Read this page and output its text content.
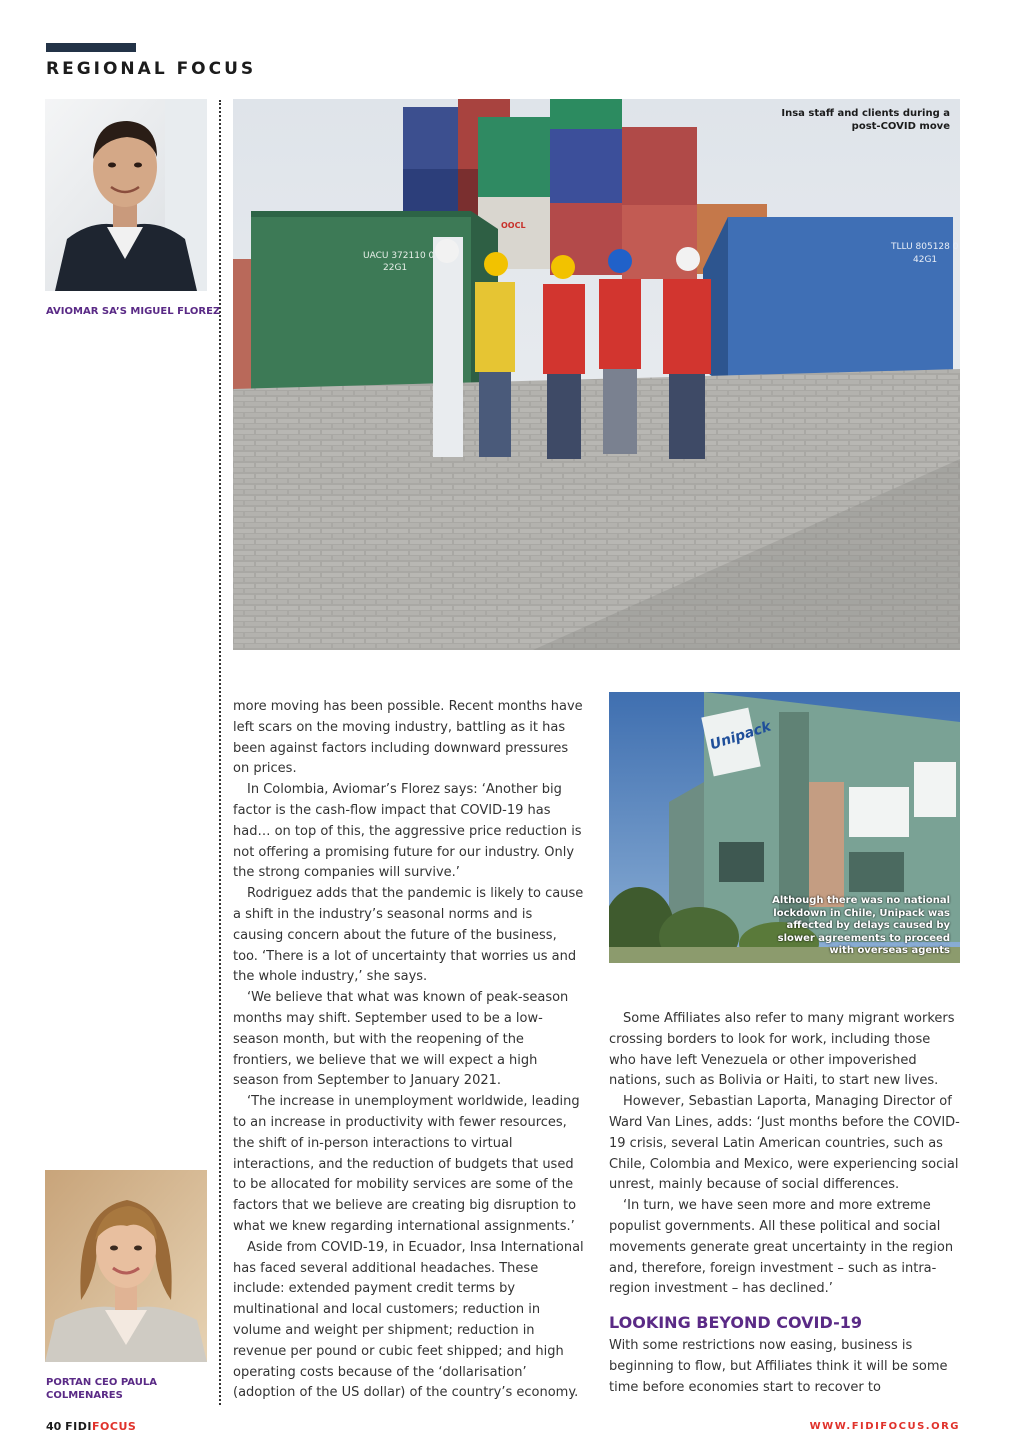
REGIONAL FOCUS
AVIOMAR SA’S MIGUEL FLOREZ
PORTAN CEO PAULA
COLMENARES
UACU 372110 0
22G1
TLLU 805128 0
42G1
OOCL
Insa staff and clients during a
post-COVID move
Unipack
Although there was no national
lockdown in Chile, Unipack was
affected by delays caused by
slower agreements to proceed
with overseas agents

more moving has been possible. Recent months have left scars on the moving industry, battling as it has been against factors including downward pressures on prices.

In Colombia, Aviomar’s Florez says: ‘Another big factor is the cash-flow impact that COVID-19 has had… on top of this, the aggressive price reduction is not offering a promising future for our industry. Only the strong companies will survive.’

Rodriguez adds that the pandemic is likely to cause a shift in the industry’s seasonal norms and is causing concern about the future of the business, too. ‘There is a lot of uncertainty that worries us and the whole industry,’ she says.

‘We believe that what was known of peak-season months may shift. September used to be a low-season month, but with the reopening of the frontiers, we believe that we will expect a high season from September to January 2021.

‘The increase in unemployment worldwide, leading to an increase in productivity with fewer resources, the shift of in-person interactions to virtual interactions, and the reduction of budgets that used to be allocated for mobility services are some of the factors that we believe are creating big disruption to what we knew regarding international assignments.’

Aside from COVID-19, in Ecuador, Insa International has faced several additional headaches. These include: extended payment credit terms by multinational and local customers; reduction in volume and weight per shipment; reduction in revenue per pound or cubic feet shipped; and high operating costs because of the ‘dollarisation’ (adoption of the US dollar) of the country’s economy.

Some Affiliates also refer to many migrant workers crossing borders to look for work, including those who have left Venezuela or other impoverished nations, such as Bolivia or Haiti, to start new lives.

However, Sebastian Laporta, Managing Director of Ward Van Lines, adds: ‘Just months before the COVID-19 crisis, several Latin American countries, such as Chile, Colombia and Mexico, were experiencing social unrest, mainly because of social differences.

‘In turn, we have seen more and more extreme populist governments. All these political and social movements generate great uncertainty in the region and, therefore, foreign investment – such as intra-region investment – has declined.’

LOOKING BEYOND COVID-19

With some restrictions now easing, business is beginning to flow, but Affiliates think it will be some time before economies start to recover to

40 FIDIFOCUS	WWW.FIDIFOCUS.ORG
